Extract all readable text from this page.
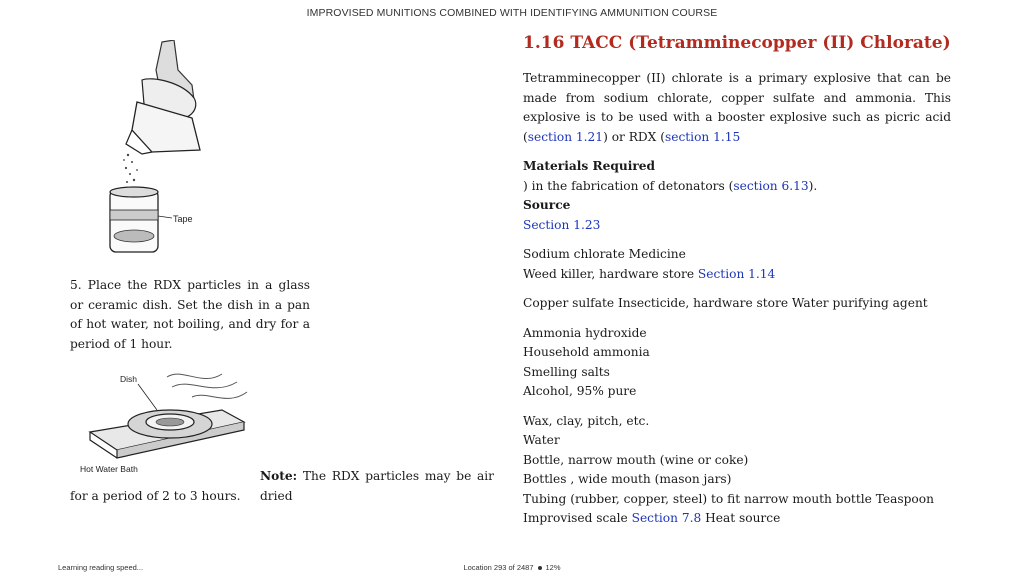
IMPROVISED MUNITIONS COMBINED WITH IDENTIFYING AMMUNITION COURSE
Tape

5. Place the RDX particles in a glass or ceramic dish. Set the dish in a pan of hot water, not boiling, and dry for a period of 1 hour.

Dish
Hot Water Bath	Note: The RDX particles may be air dried

for a period of 2 to 3 hours.

1.16 TACC (Tetramminecopper (II) Chlorate)

Tetramminecopper (II) chlorate is a primary explosive that can be made from sodium chlorate, copper sulfate and ammonia. This explosive is to be used with a booster explosive such as picric acid (section 1.21) or RDX (section 1.15

Materials Required

) in the fabrication of detonators (section 6.13).

Source

Section 1.23

Sodium chlorate Medicine

Weed killer, hardware store Section 1.14

Copper sulfate Insecticide, hardware store Water purifying agent

Ammonia hydroxide

Household ammonia

Smelling salts

Alcohol, 95% pure

Wax, clay, pitch, etc.

Water

Bottle, narrow mouth (wine or coke)

Bottles , wide mouth (mason jars)

Tubing (rubber, copper, steel) to fit narrow mouth bottle Teaspoon

Improvised scale Section 7.8 Heat source

Learning reading speed...	Location 293 of 2487 12%
